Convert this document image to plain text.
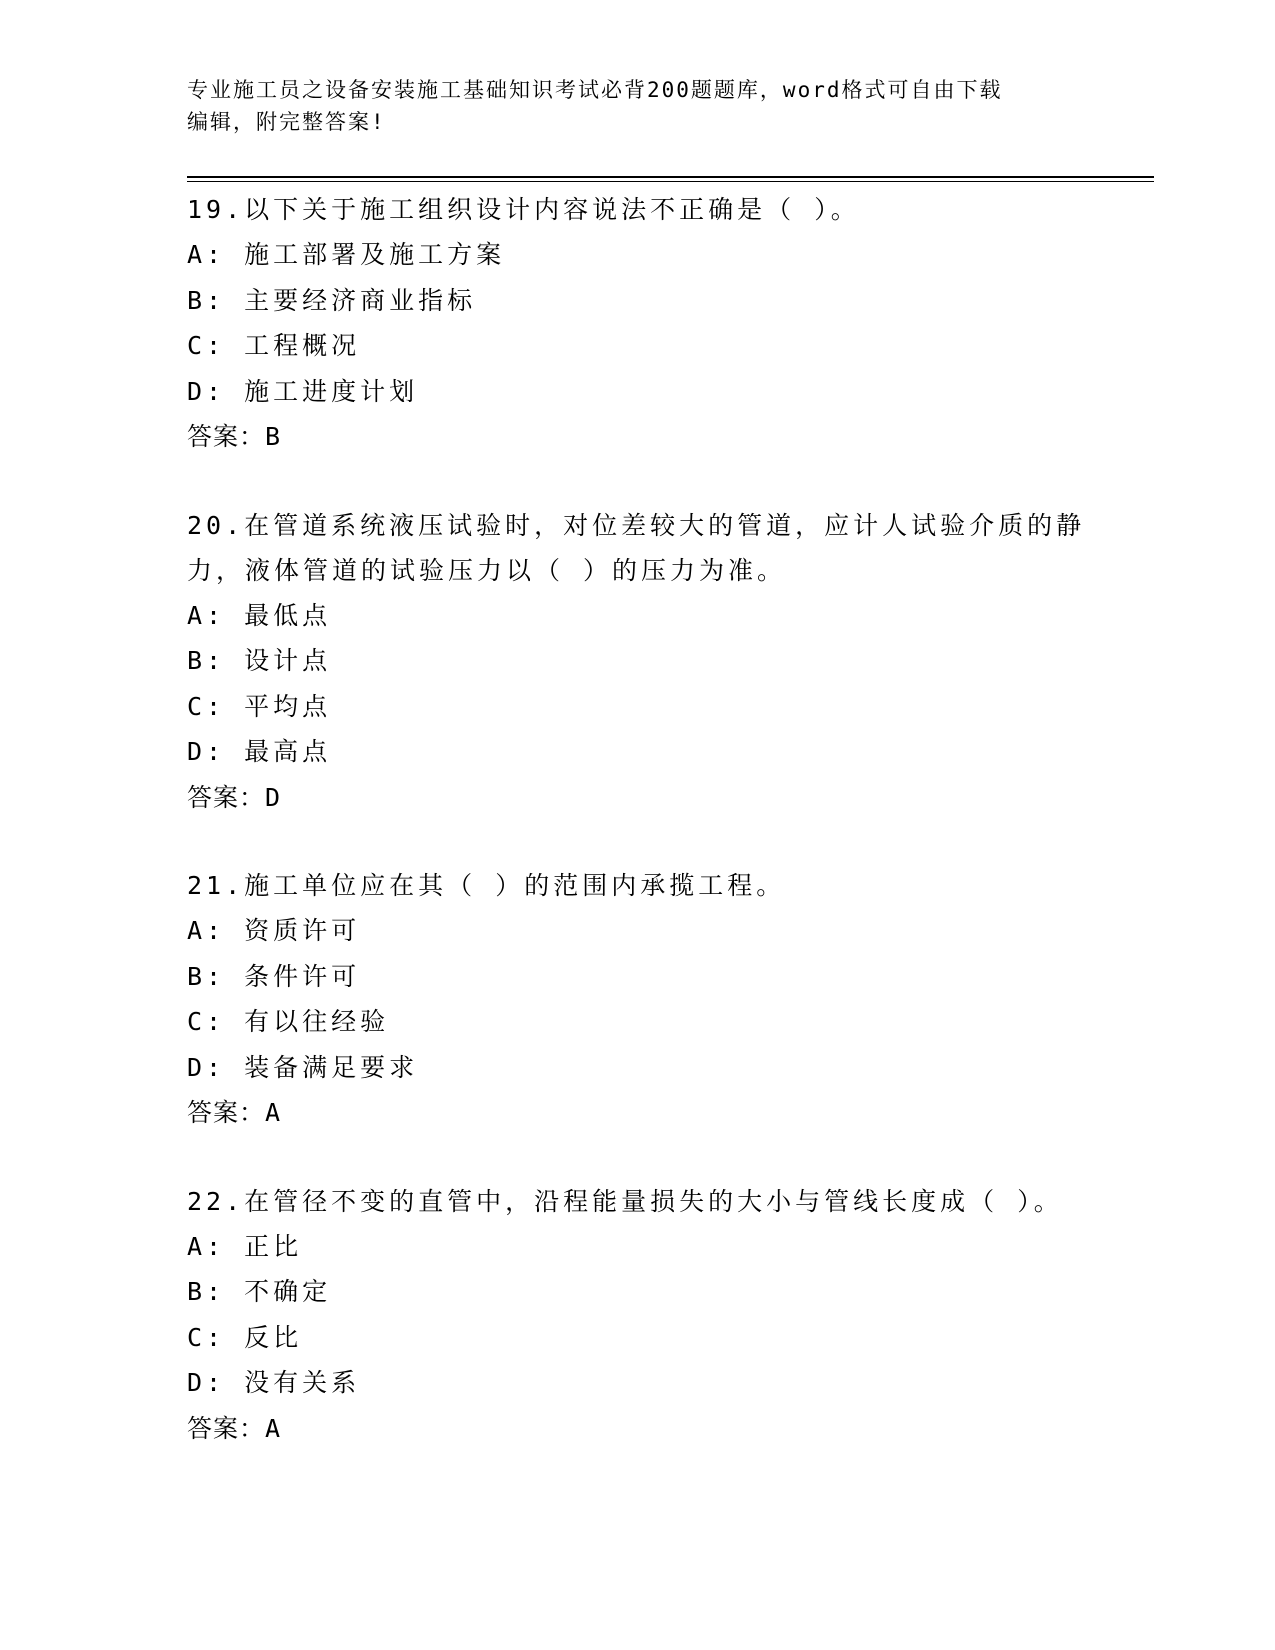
专业施工员之设备安装施工基础知识考试必背200题题库，word格式可自由下载
编辑，附完整答案!
19.以下关于施工组织设计内容说法不正确是（ ）。
A: 施工部署及施工方案
B: 主要经济商业指标
C: 工程概况
D: 施工进度计划
答案：B
20.在管道系统液压试验时，对位差较大的管道，应计人试验介质的静力，液体管道的试验压力以（ ）的压力为准。
A: 最低点
B: 设计点
C: 平均点
D: 最高点
答案：D
21.施工单位应在其（ ）的范围内承揽工程。
A: 资质许可
B: 条件许可
C: 有以往经验
D: 装备满足要求
答案：A
22.在管径不变的直管中，沿程能量损失的大小与管线长度成（ ）。
A: 正比
B: 不确定
C: 反比
D: 没有关系
答案：A
